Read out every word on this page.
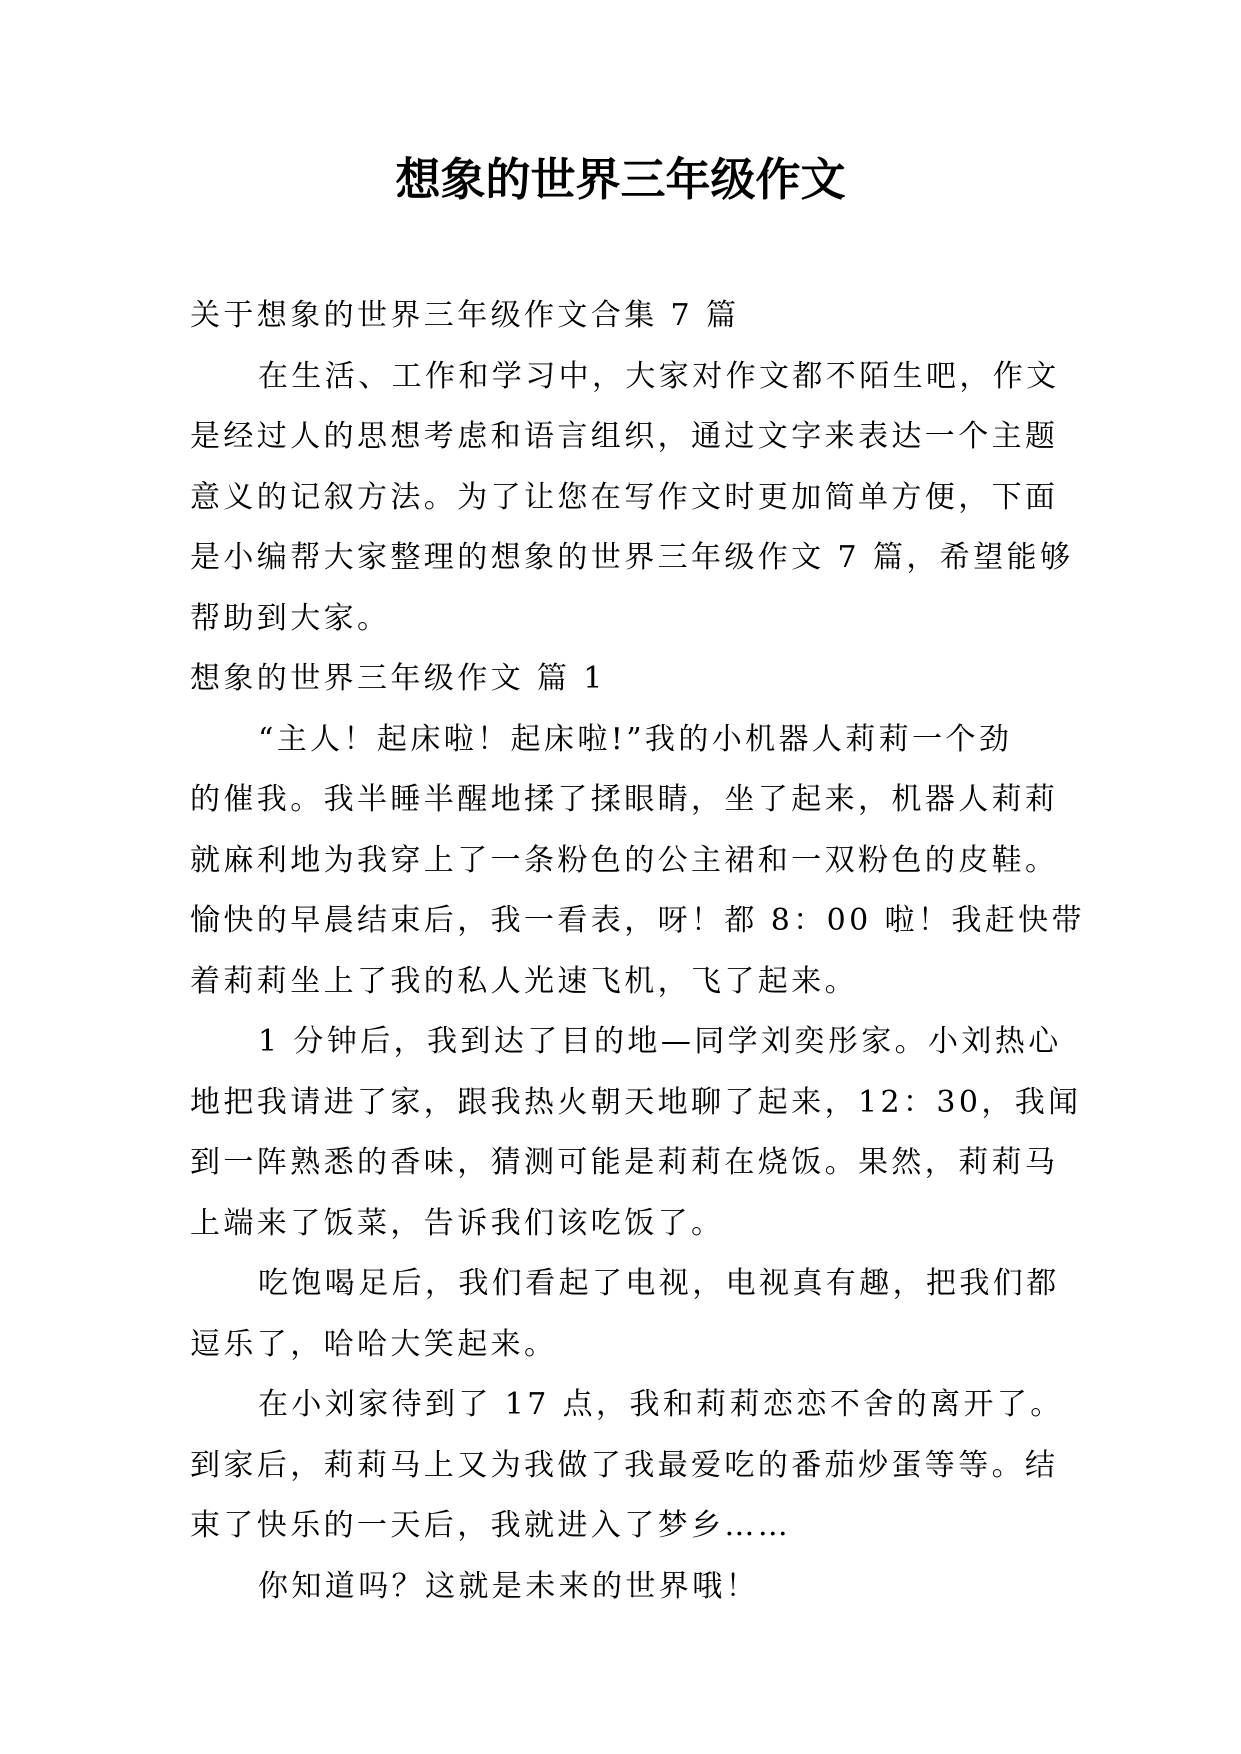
想象的世界三年级作文
关于想象的世界三年级作文合集 7 篇
在生活、工作和学习中，大家对作文都不陌生吧，作文
是经过人的思想考虑和语言组织，通过文字来表达一个主题
意义的记叙方法。为了让您在写作文时更加简单方便，下面
是小编帮大家整理的想象的世界三年级作文 7 篇，希望能够
帮助到大家。
想象的世界三年级作文 篇 1
“主人！起床啦！起床啦!”我的小机器人莉莉一个劲
的催我。我半睡半醒地揉了揉眼睛，坐了起来，机器人莉莉
就麻利地为我穿上了一条粉色的公主裙和一双粉色的皮鞋。
愉快的早晨结束后，我一看表，呀！都 8：00 啦！我赶快带
着莉莉坐上了我的私人光速飞机，飞了起来。
1 分钟后，我到达了目的地—同学刘奕彤家。小刘热心
地把我请进了家，跟我热火朝天地聊了起来，12：30，我闻
到一阵熟悉的香味，猜测可能是莉莉在烧饭。果然，莉莉马
上端来了饭菜，告诉我们该吃饭了。
吃饱喝足后，我们看起了电视，电视真有趣，把我们都
逗乐了，哈哈大笑起来。
在小刘家待到了 17 点，我和莉莉恋恋不舍的离开了。
到家后，莉莉马上又为我做了我最爱吃的番茄炒蛋等等。结
束了快乐的一天后，我就进入了梦乡……
你知道吗？这就是未来的世界哦！
